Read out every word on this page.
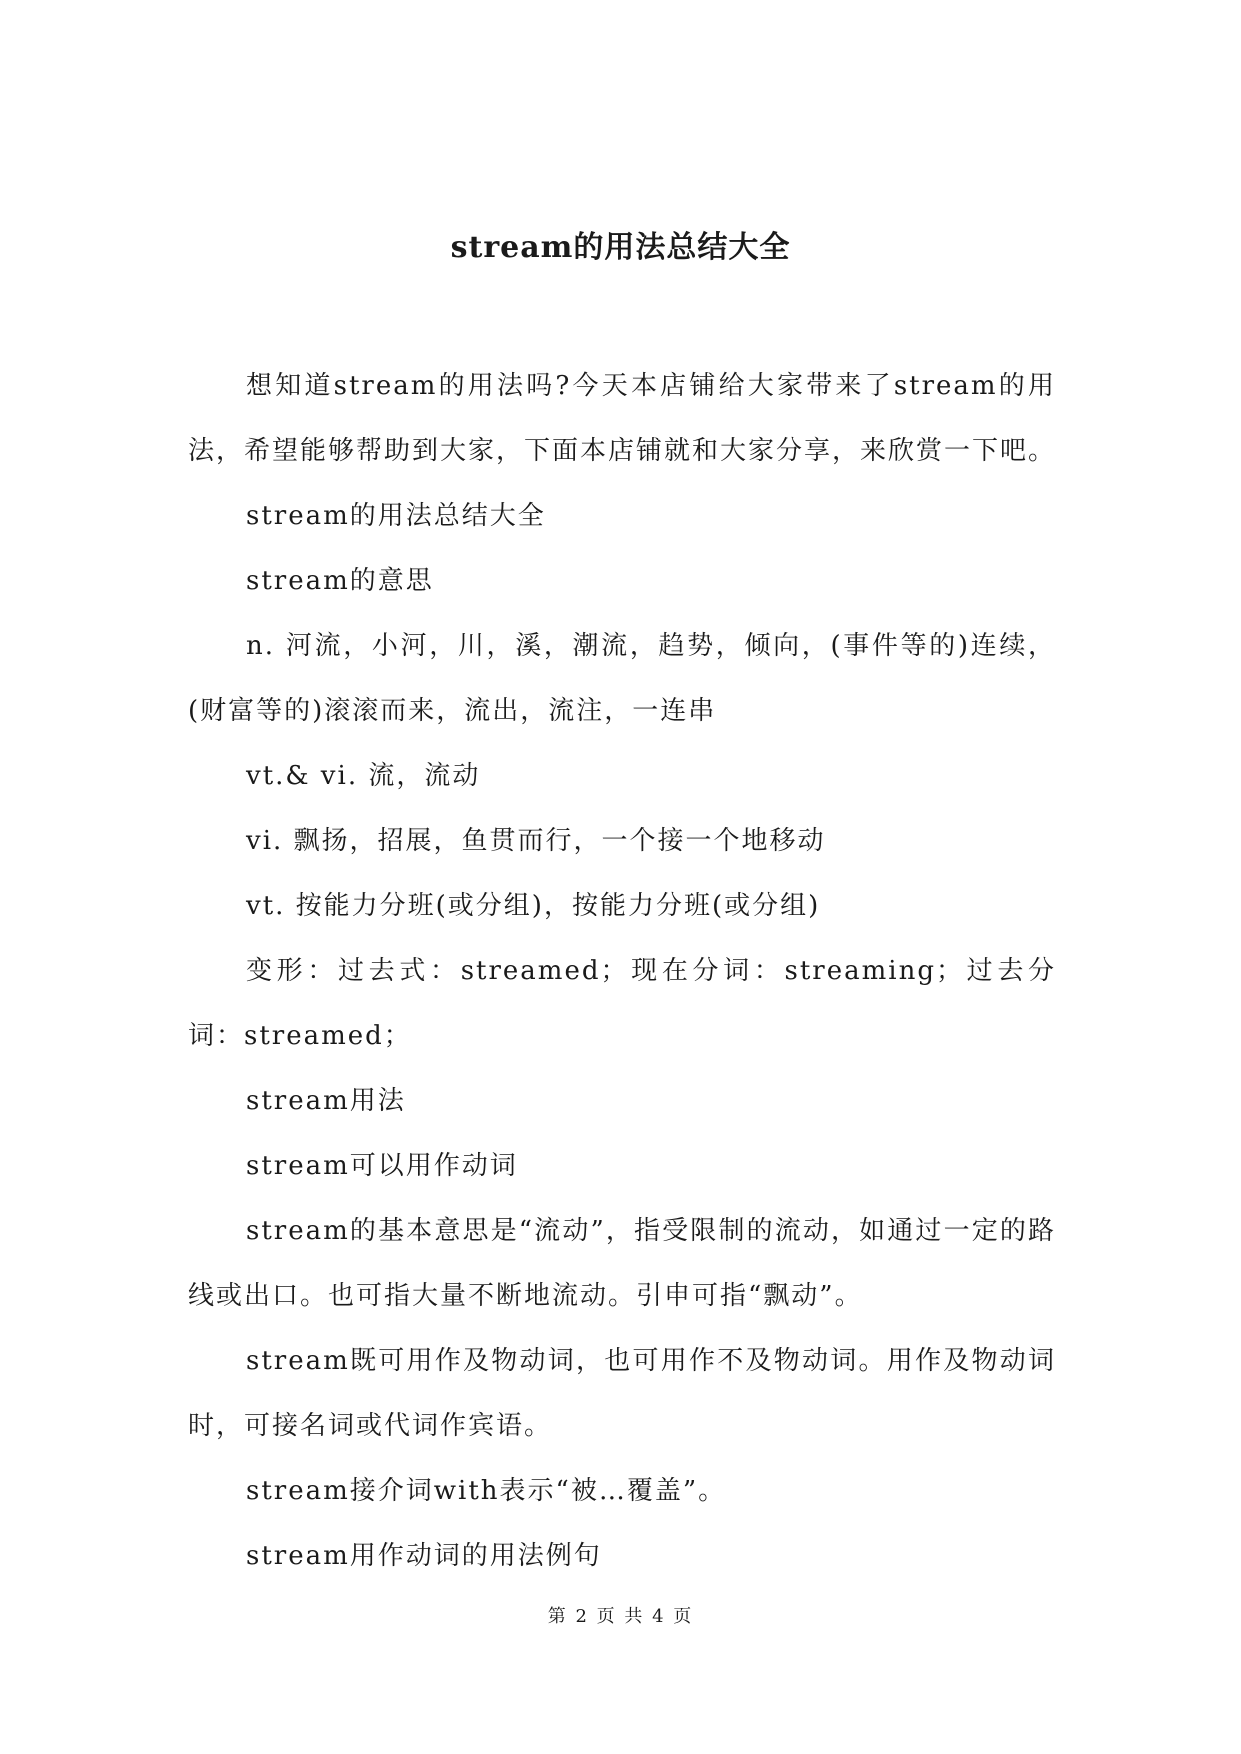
stream的用法总结大全

想知道stream的用法吗?今天本店铺给大家带来了stream的用法，希望能够帮助到大家，下面本店铺就和大家分享，来欣赏一下吧。

stream的用法总结大全

stream的意思

n. 河流，小河，川，溪，潮流，趋势，倾向，(事件等的)连续，(财富等的)滚滚而来，流出，流注，一连串

vt.& vi. 流，流动

vi. 飘扬，招展，鱼贯而行，一个接一个地移动

vt. 按能力分班(或分组)，按能力分班(或分组)

变形：过去式：streamed；现在分词：streaming；过去分词：streamed；

stream用法

stream可以用作动词

stream的基本意思是“流动”，指受限制的流动，如通过一定的路线或出口。也可指大量不断地流动。引申可指“飘动”。

stream既可用作及物动词，也可用作不及物动词。用作及物动词时，可接名词或代词作宾语。

stream接介词with表示“被…覆盖”。

stream用作动词的用法例句

第 2 页 共 4 页
